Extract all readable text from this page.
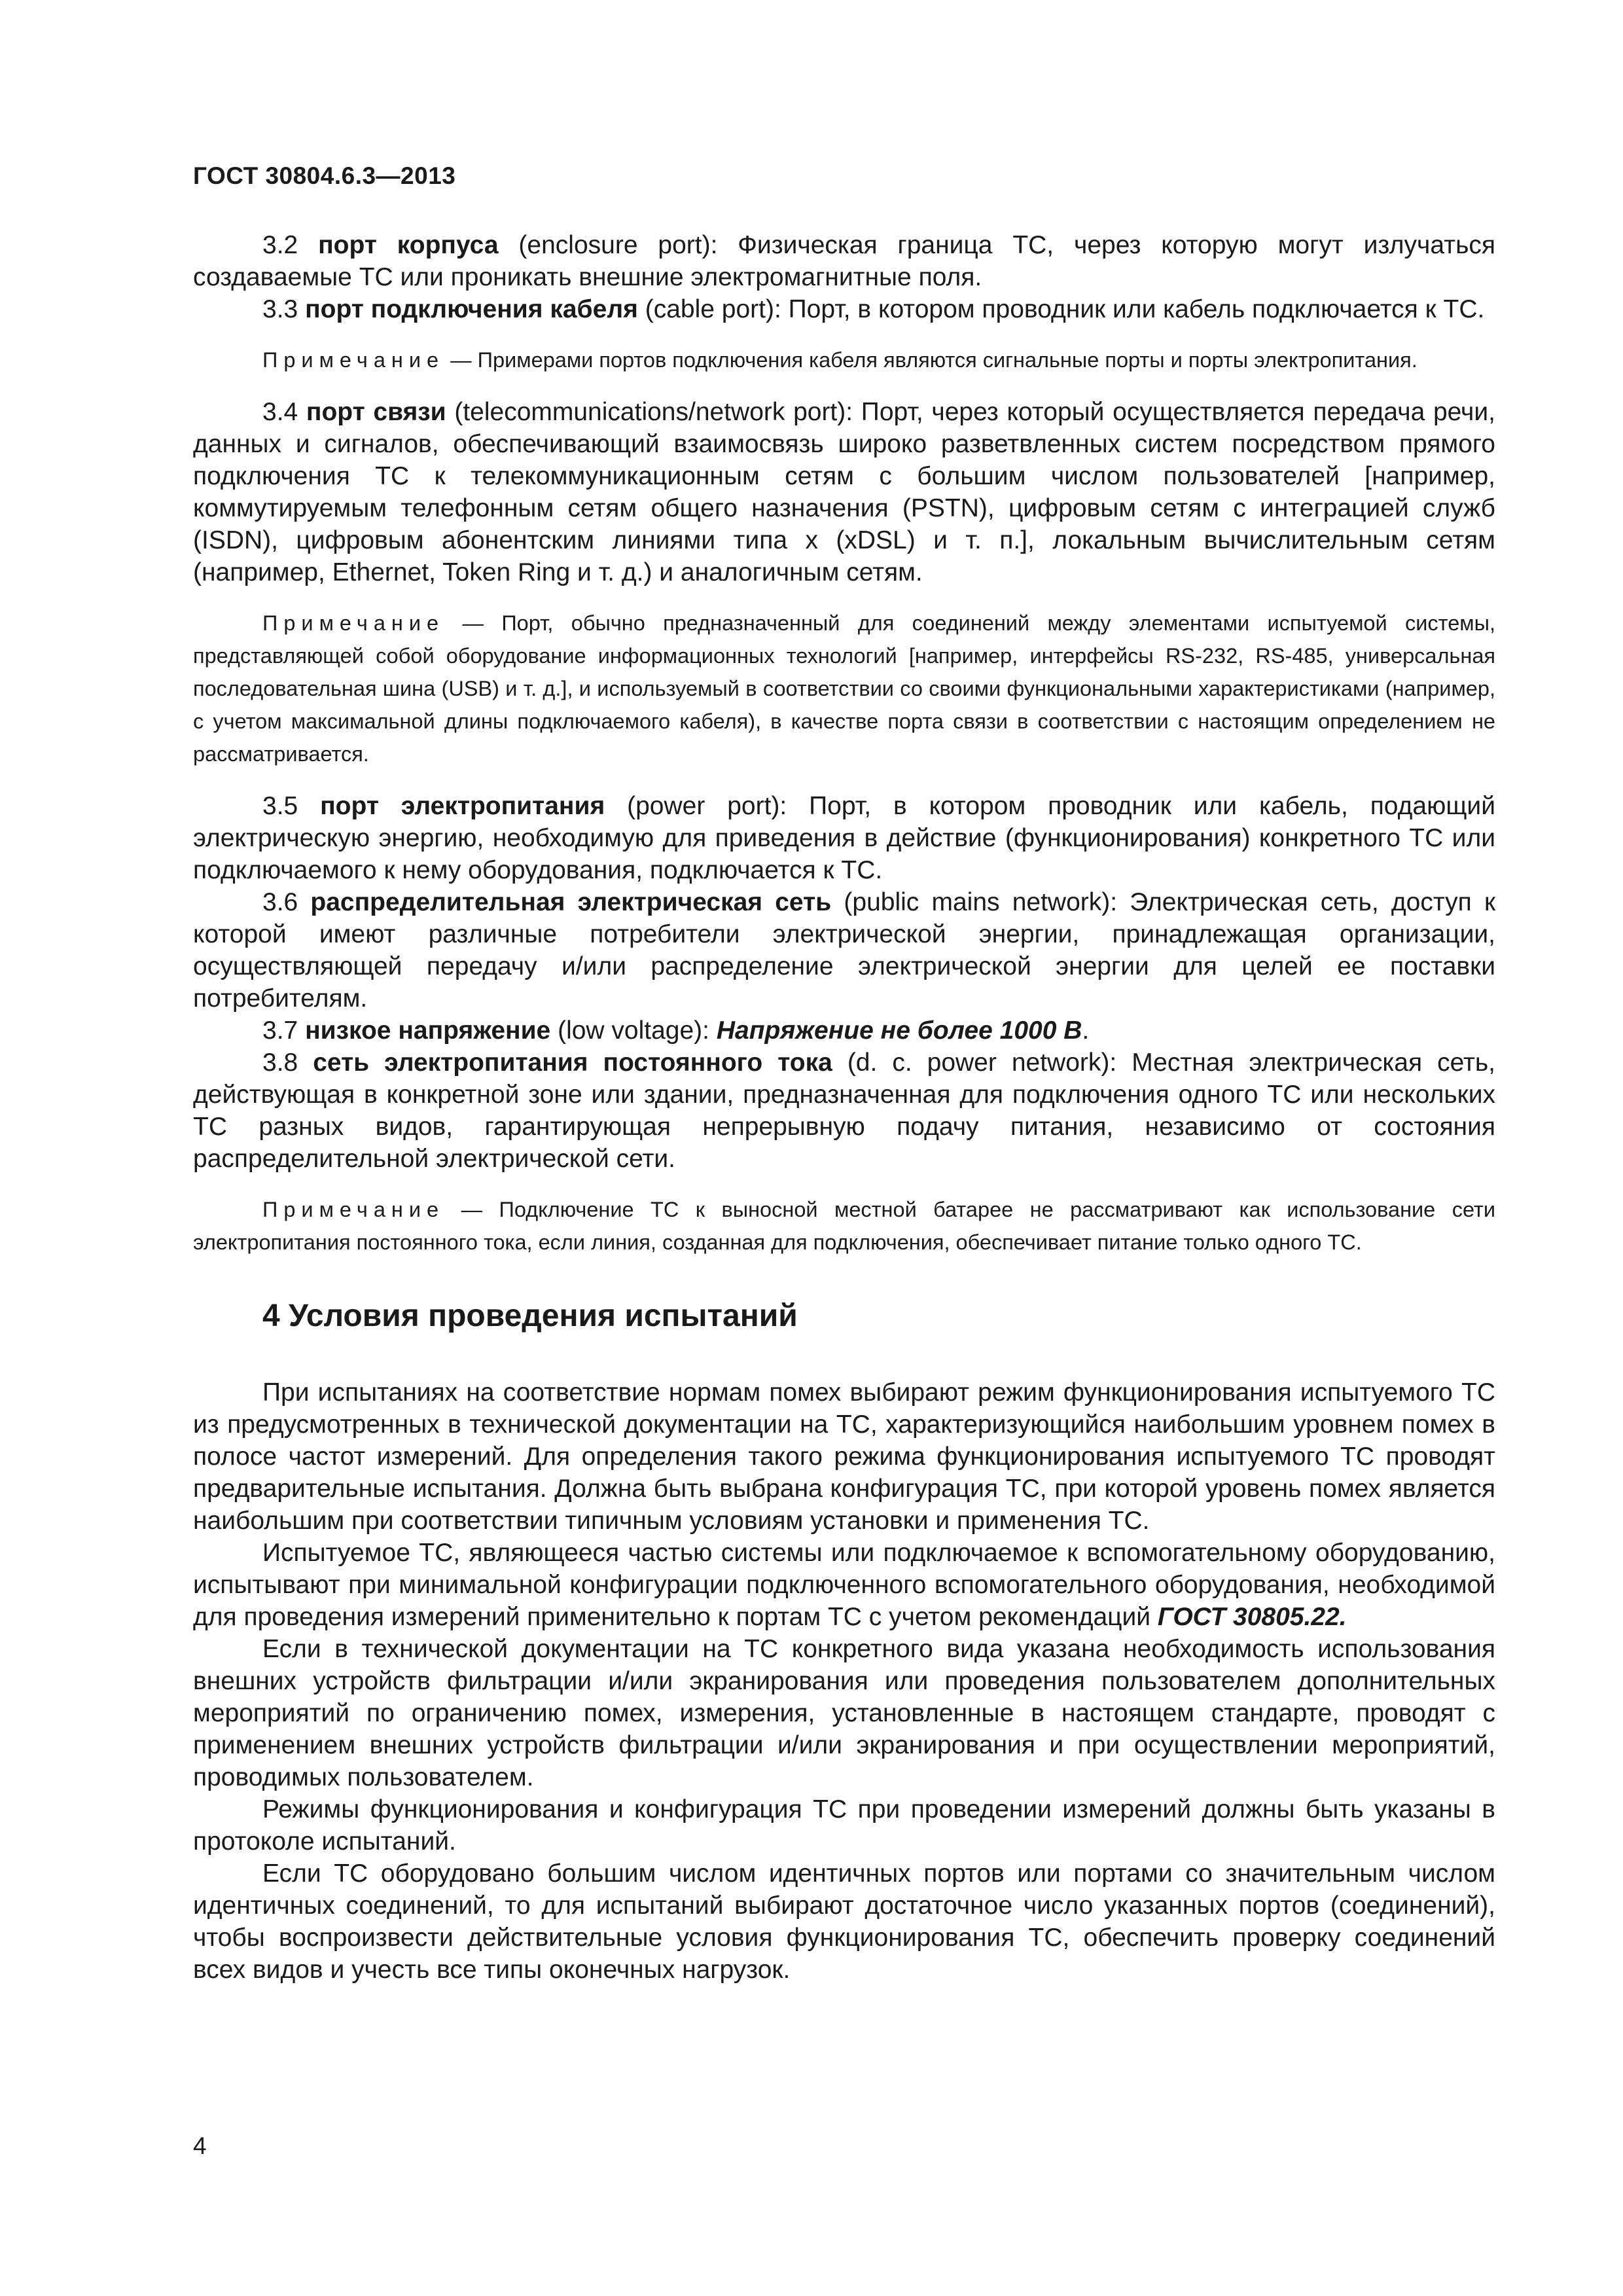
ГОСТ 30804.6.3—2013

3.2 порт корпуса (enclosure port): Физическая граница ТС, через которую могут излучаться создаваемые ТС или проникать внешние электромагнитные поля.

3.3 порт подключения кабеля (cable port): Порт, в котором проводник или кабель подключается к ТС.

Примечание — Примерами портов подключения кабеля являются сигнальные порты и порты электропитания.

3.4 порт связи (telecommunications/network port): Порт, через который осуществляется передача речи, данных и сигналов, обеспечивающий взаимосвязь широко разветвленных систем посредством прямого подключения ТС к телекоммуникационным сетям с большим числом пользователей [например, коммутируемым телефонным сетям общего назначения (PSTN), цифровым сетям с интеграцией служб (ISDN), цифровым абонентским линиями типа x (xDSL) и т. п.], локальным вычислительным сетям (например, Ethernet, Token Ring и т. д.) и аналогичным сетям.

Примечание — Порт, обычно предназначенный для соединений между элементами испытуемой системы, представляющей собой оборудование информационных технологий [например, интерфейсы RS-232, RS-485, универсальная последовательная шина (USB) и т. д.], и используемый в соответствии со своими функциональными характеристиками (например, с учетом максимальной длины подключаемого кабеля), в качестве порта связи в соответствии с настоящим определением не рассматривается.

3.5 порт электропитания (power port): Порт, в котором проводник или кабель, подающий электрическую энергию, необходимую для приведения в действие (функционирования) конкретного ТС или подключаемого к нему оборудования, подключается к ТС.

3.6 распределительная электрическая сеть (public mains network): Электрическая сеть, доступ к которой имеют различные потребители электрической энергии, принадлежащая организации, осуществляющей передачу и/или распределение электрической энергии для целей ее поставки потребителям.

3.7 низкое напряжение (low voltage): Напряжение не более 1000 В.

3.8 сеть электропитания постоянного тока (d. c. power network): Местная электрическая сеть, действующая в конкретной зоне или здании, предназначенная для подключения одного ТС или нескольких ТС разных видов, гарантирующая непрерывную подачу питания, независимо от состояния распределительной электрической сети.

Примечание — Подключение ТС к выносной местной батарее не рассматривают как использование сети электропитания постоянного тока, если линия, созданная для подключения, обеспечивает питание только одного ТС.

4 Условия проведения испытаний

При испытаниях на соответствие нормам помех выбирают режим функционирования испытуемого ТС из предусмотренных в технической документации на ТС, характеризующийся наибольшим уровнем помех в полосе частот измерений. Для определения такого режима функционирования испытуемого ТС проводят предварительные испытания. Должна быть выбрана конфигурация ТС, при которой уровень помех является наибольшим при соответствии типичным условиям установки и применения ТС.

Испытуемое ТС, являющееся частью системы или подключаемое к вспомогательному оборудованию, испытывают при минимальной конфигурации подключенного вспомогательного оборудования, необходимой для проведения измерений применительно к портам ТС с учетом рекомендаций ГОСТ 30805.22.

Если в технической документации на ТС конкретного вида указана необходимость использования внешних устройств фильтрации и/или экранирования или проведения пользователем дополнительных мероприятий по ограничению помех, измерения, установленные в настоящем стандарте, проводят с применением внешних устройств фильтрации и/или экранирования и при осуществлении мероприятий, проводимых пользователем.

Режимы функционирования и конфигурация ТС при проведении измерений должны быть указаны в протоколе испытаний.

Если ТС оборудовано большим числом идентичных портов или портами со значительным числом идентичных соединений, то для испытаний выбирают достаточное число указанных портов (соединений), чтобы воспроизвести действительные условия функционирования ТС, обеспечить проверку соединений всех видов и учесть все типы оконечных нагрузок.

4
